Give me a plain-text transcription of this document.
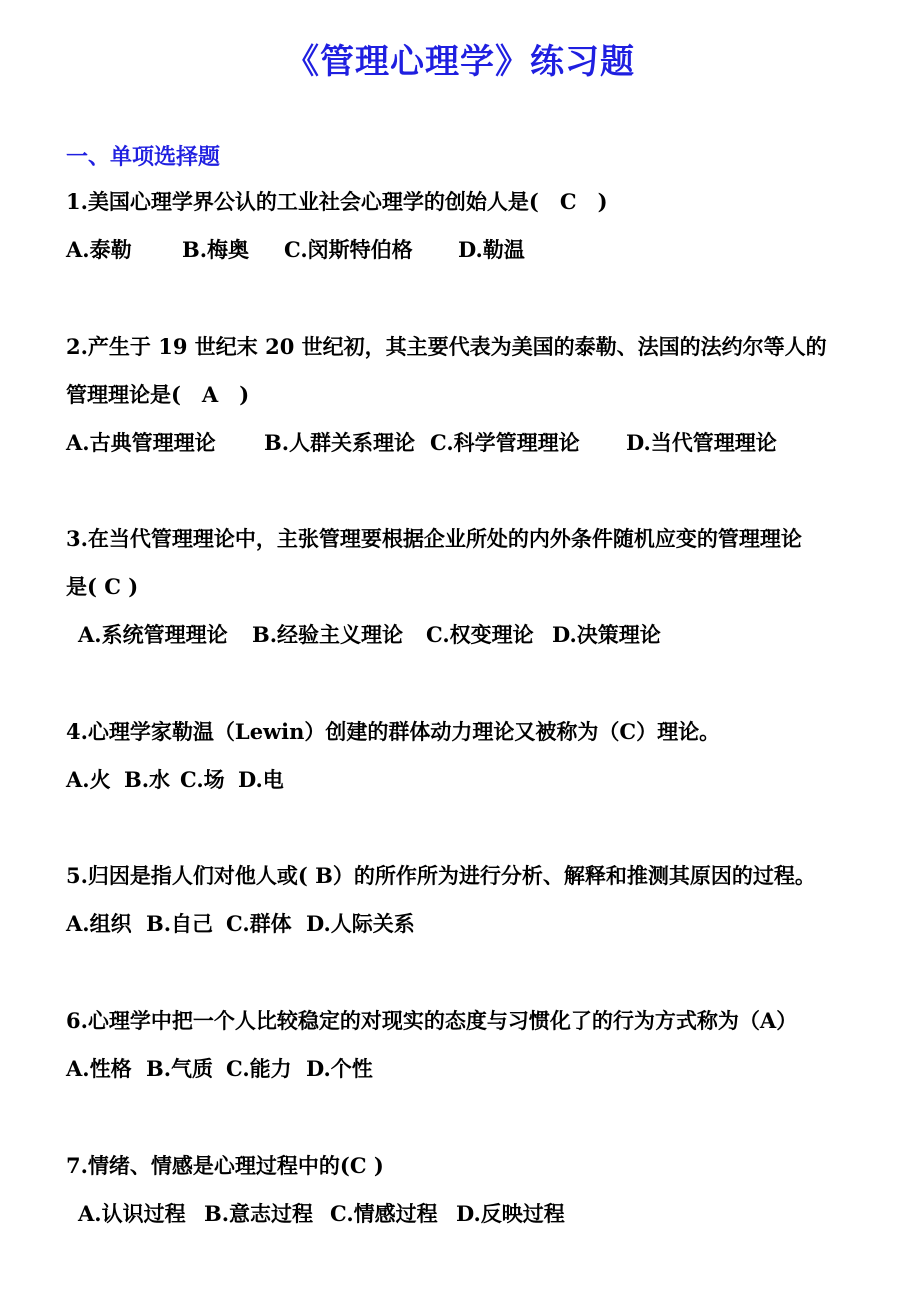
《管理心理学》练习题
一、单项选择题
1.美国心理学界公认的工业社会心理学的创始人是(　C　)
A.泰勒 B.梅奥 C.闵斯特伯格 D.勒温
2.产生于 19 世纪末 20 世纪初，其主要代表为美国的泰勒、法国的法约尔等人的
管理理论是(　A　)
A.古典管理理论 B.人群关系理论 C.科学管理理论 D.当代管理理论
3.在当代管理理论中，主张管理要根据企业所处的内外条件随机应变的管理理论
是( C )
A.系统管理理论 B.经验主义理论 C.权变理论 D.决策理论
4.心理学家勒温（Lewin）创建的群体动力理论又被称为（C）理论。
A.火 B.水 C.场 D.电
5.归因是指人们对他人或( B）的所作所为进行分析、解释和推测其原因的过程。
A.组织 B.自己 C.群体 D.人际关系
6.心理学中把一个人比较稳定的对现实的态度与习惯化了的行为方式称为（A）
A.性格 B.气质 C.能力 D.个性
7.情绪、情感是心理过程中的(C )
A.认识过程 B.意志过程 C.情感过程 D.反映过程
